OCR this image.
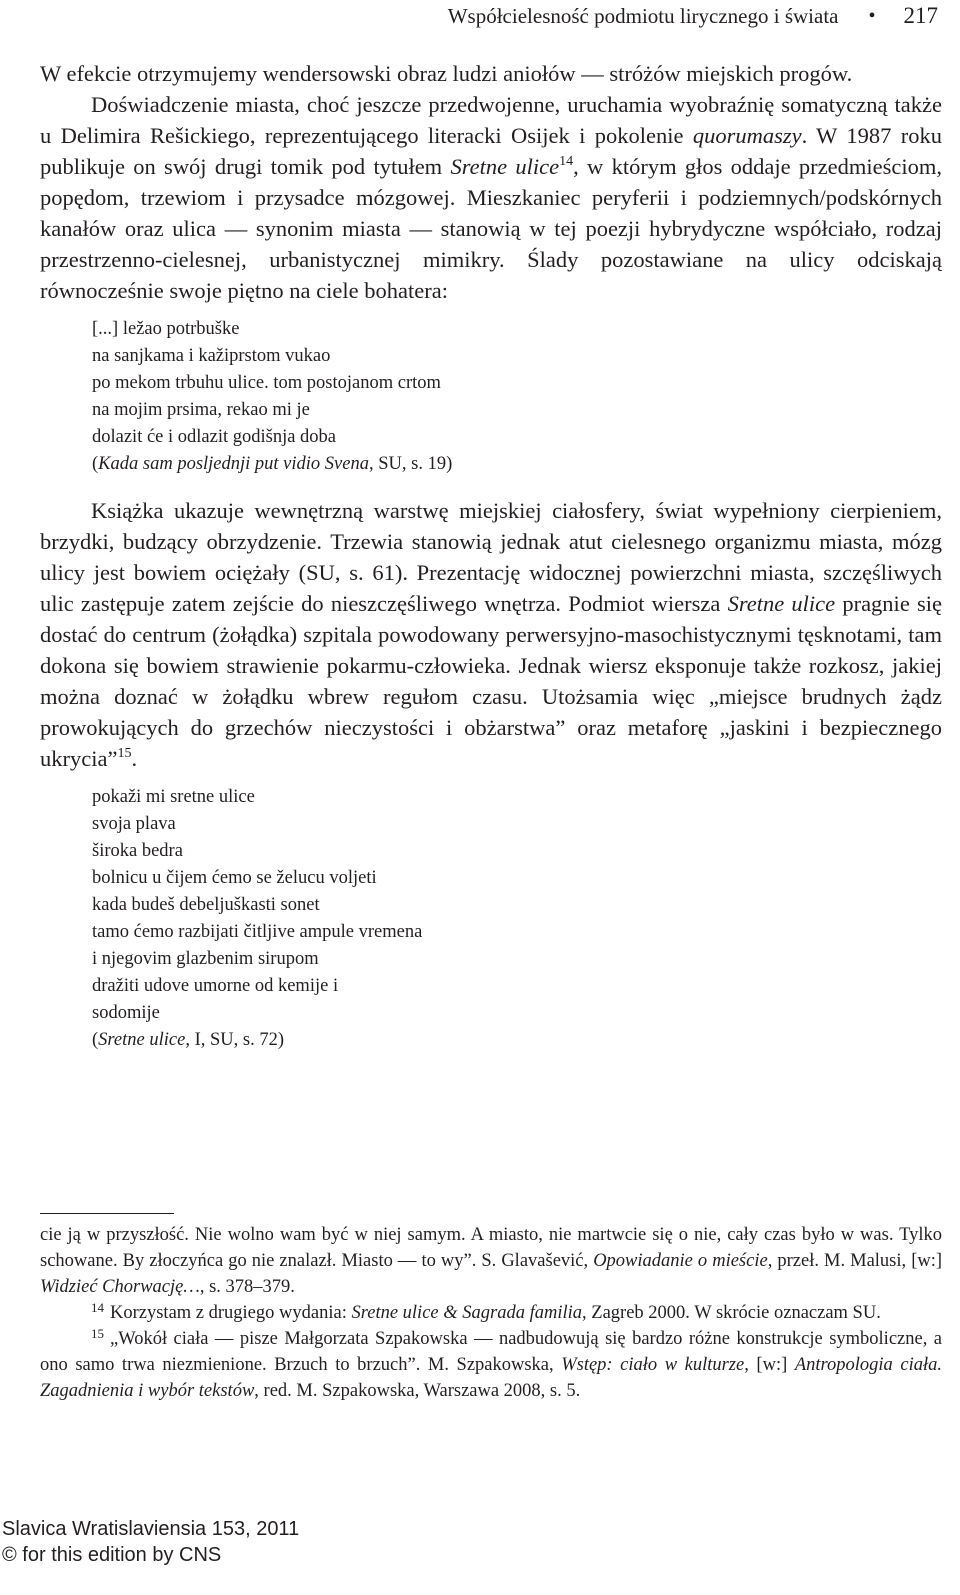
Współcielesność podmiotu lirycznego i świata • 217

W efekcie otrzymujemy wendersowski obraz ludzi aniołów — stróżów miejskich progów.

Doświadczenie miasta, choć jeszcze przedwojenne, uruchamia wyobraźnię somatyczną także u Delimira Rešickiego, reprezentującego literacki Osijek i pokolenie quorumaszy. W 1987 roku publikuje on swój drugi tomik pod tytułem Sretne ulice$^{14}$, w którym głos oddaje przedmieściom, popędom, trzewiom i przysadce mózgowej. Mieszkaniec peryferii i podziemnych/podskórnych kanałów oraz ulica — synonim miasta — stanowią w tej poezji hybrydyczne współciało, rodzaj przestrzenno-cielesnej, urbanistycznej mimikry. Ślady pozostawiane na ulicy odciskają równocześnie swoje piętno na ciele bohatera:

[...] ležao potrbuške
na sanjkama i kažiprstom vukao
po mekom trbuhu ulice. tom postojanom crtom
na mojim prsima, rekao mi je
dolazit će i odlazit godišnja doba
(Kada sam posljednji put vidio Svena, SU, s. 19)

Książka ukazuje wewnętrzną warstwę miejskiej ciałosfery, świat wypełniony cierpieniem, brzydki, budzący obrzydzenie. Trzewia stanowią jednak atut cielesnego organizmu miasta, mózg ulicy jest bowiem ociężały (SU, s. 61). Prezentację widocznej powierzchni miasta, szczęśliwych ulic zastępuje zatem zejście do nieszczęśliwego wnętrza. Podmiot wiersza Sretne ulice pragnie się dostać do centrum (żołądka) szpitala powodowany perwersyjno-masochistycznymi tęsknotami, tam dokona się bowiem strawienie pokarmu-człowieka. Jednak wiersz eksponuje także rozkosz, jakiej można doznać w żołądku wbrew regułom czasu. Utożsamia więc „miejsce brudnych żądz prowokujących do grzechów nieczystości i obżarstwa” oraz metaforę „jaskini i bezpiecznego ukrycia”$^{15}$.

pokaži mi sretne ulice
svoja plava
široka bedra
bolnicu u čijem ćemo se želucu voljeti
kada budeš debeljuškasti sonet
tamo ćemo razbijati čitljive ampule vremena
i njegovim glazbenim sirupom
dražiti udove umorne od kemije i
sodomije
(Sretne ulice, I, SU, s. 72)

cie ją w przyszłość. Nie wolno wam być w niej samym. A miasto, nie martwcie się o nie, cały czas było w was. Tylko schowane. By złoczyńca go nie znalazł. Miasto — to wy”. S. Glavašević, Opowiadanie o mieście, przeł. M. Malusi, [w:] Widzieć Chorwację…, s. 378–379.

$^{14}$ Korzystam z drugiego wydania: Sretne ulice & Sagrada familia, Zagreb 2000. W skrócie oznaczam SU.

$^{15}$ „Wokół ciała — pisze Małgorzata Szpakowska — nadbudowują się bardzo różne konstrukcje symboliczne, a ono samo trwa niezmienione. Brzuch to brzuch”. M. Szpakowska, Wstęp: ciało w kulturze, [w:] Antropologia ciała. Zagadnienia i wybór tekstów, red. M. Szpakowska, Warszawa 2008, s. 5.

Slavica Wratislaviensia 153, 2011
© for this edition by CNS
